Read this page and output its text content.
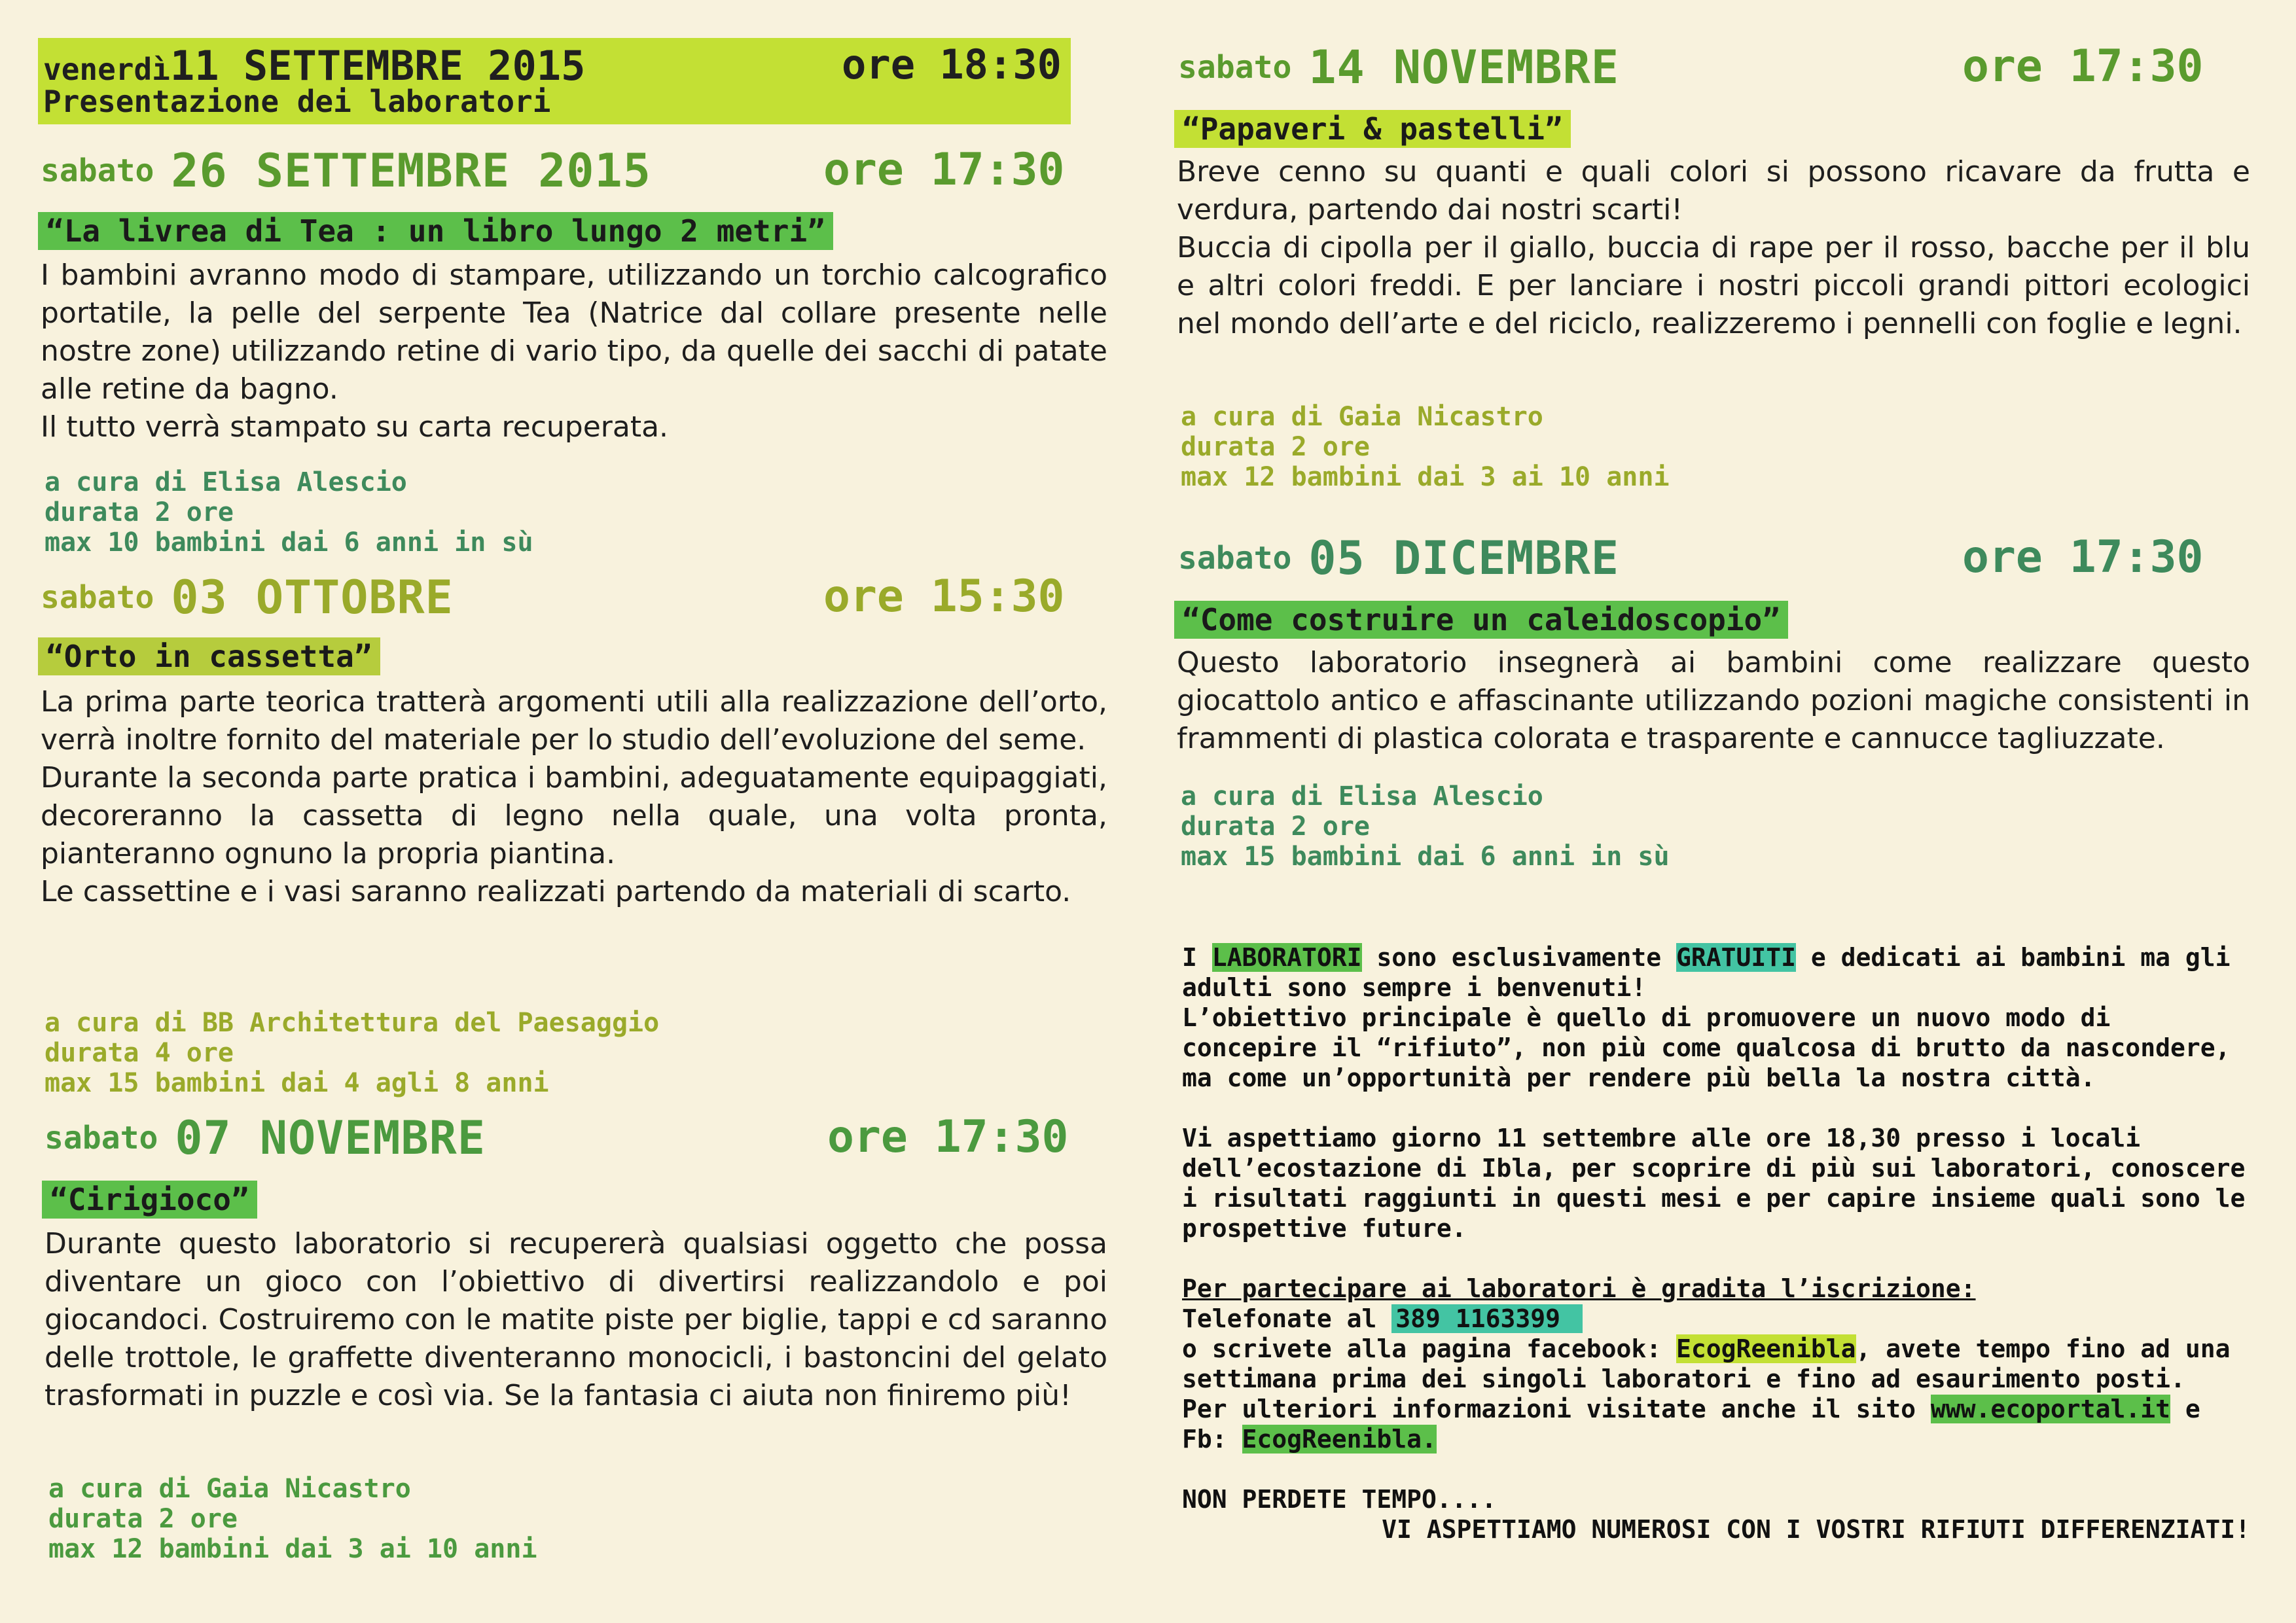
venerdì11 SETTEMBRE 2015	ore 18:30
Presentazione dei laboratori
sabato 26 SETTEMBRE 2015	ore 17:30
“La livrea di Tea : un libro lungo 2 metri”

I bambini avranno modo di stampare, utilizzando un torchio calcografico portatile, la pelle del serpente Tea (Natrice dal collare presente nelle nostre zone) utilizzando retine di vario tipo, da quelle dei sacchi di patate alle retine da bagno.

Il tutto verrà stampato su carta recuperata.

a cura di Elisa Alescio
durata 2 ore
max 10 bambini dai 6 anni in sù
sabato 03 OTTOBRE	ore 15:30
“Orto in cassetta”

La prima parte teorica tratterà argomenti utili alla realizzazione dell’orto, verrà inoltre fornito del materiale per lo studio dell’evoluzione del seme.

Durante la seconda parte pratica i bambini, adeguatamente equipaggiati, decoreranno la cassetta di legno nella quale, una volta pronta, pianteranno ognuno la propria piantina.

Le cassettine e i vasi saranno realizzati partendo da materiali di scarto.

a cura di BB Architettura del Paesaggio
durata 4 ore
max 15 bambini dai 4 agli 8 anni
sabato 07 NOVEMBRE	ore 17:30
“Cirigioco”

Durante questo laboratorio si recupererà qualsiasi oggetto che possa diventare un gioco con l’obiettivo di divertirsi realizzandolo e poi giocandoci. Costruiremo con le matite piste per biglie, tappi e cd saranno delle trottole, le graffette diventeranno monocicli, i bastoncini del gelato trasformati in puzzle e così via. Se la fantasia ci aiuta non finiremo più!

a cura di Gaia Nicastro
durata 2 ore
max 12 bambini dai 3 ai 10 anni
sabato 14 NOVEMBRE	ore 17:30
“Papaveri & pastelli”

Breve cenno su quanti e quali colori si possono ricavare da frutta e verdura, partendo dai nostri scarti!

Buccia di cipolla per il giallo, buccia di rape per il rosso, bacche per il blu e altri colori freddi. E per lanciare i nostri piccoli grandi pittori ecologici nel mondo dell’arte e del riciclo, realizzeremo i pennelli con foglie e legni.

a cura di Gaia Nicastro
durata 2 ore
max 12 bambini dai 3 ai 10 anni
sabato 05 DICEMBRE	ore 17:30
“Come costruire un caleidoscopio”

Questo laboratorio insegnerà ai bambini come realizzare questo giocattolo antico e affascinante utilizzando pozioni magiche consistenti in frammenti di plastica colorata e trasparente e cannucce tagliuzzate.

a cura di Elisa Alescio
durata 2 ore
max 15 bambini dai 6 anni in sù

I LABORATORI sono esclusivamente GRATUITI e dedicati ai bambini ma gli adulti sono sempre i benvenuti!

L’obiettivo principale è quello di promuovere un nuovo modo di concepire il “rifiuto”, non più come qualcosa di brutto da nascondere, ma come un’opportunità per rendere più bella la nostra città.

Vi aspettiamo giorno 11 settembre alle ore 18,30 presso i locali dell’ecostazione di Ibla, per scoprire di più sui laboratori, conoscere i risultati raggiunti in questi mesi e per capire insieme quali sono le prospettive future.

Per partecipare ai laboratori è gradita l’iscrizione:

Telefonate al 389 1163399

o scrivete alla pagina facebook: EcogReenibla, avete tempo fino ad una settimana prima dei singoli laboratori e fino ad esaurimento posti.

Per ulteriori informazioni visitate anche il sito www.ecoportal.it e Fb: EcogReenibla.

NON PERDETE TEMPO....

VI ASPETTIAMO NUMEROSI CON I VOSTRI RIFIUTI DIFFERENZIATI!
